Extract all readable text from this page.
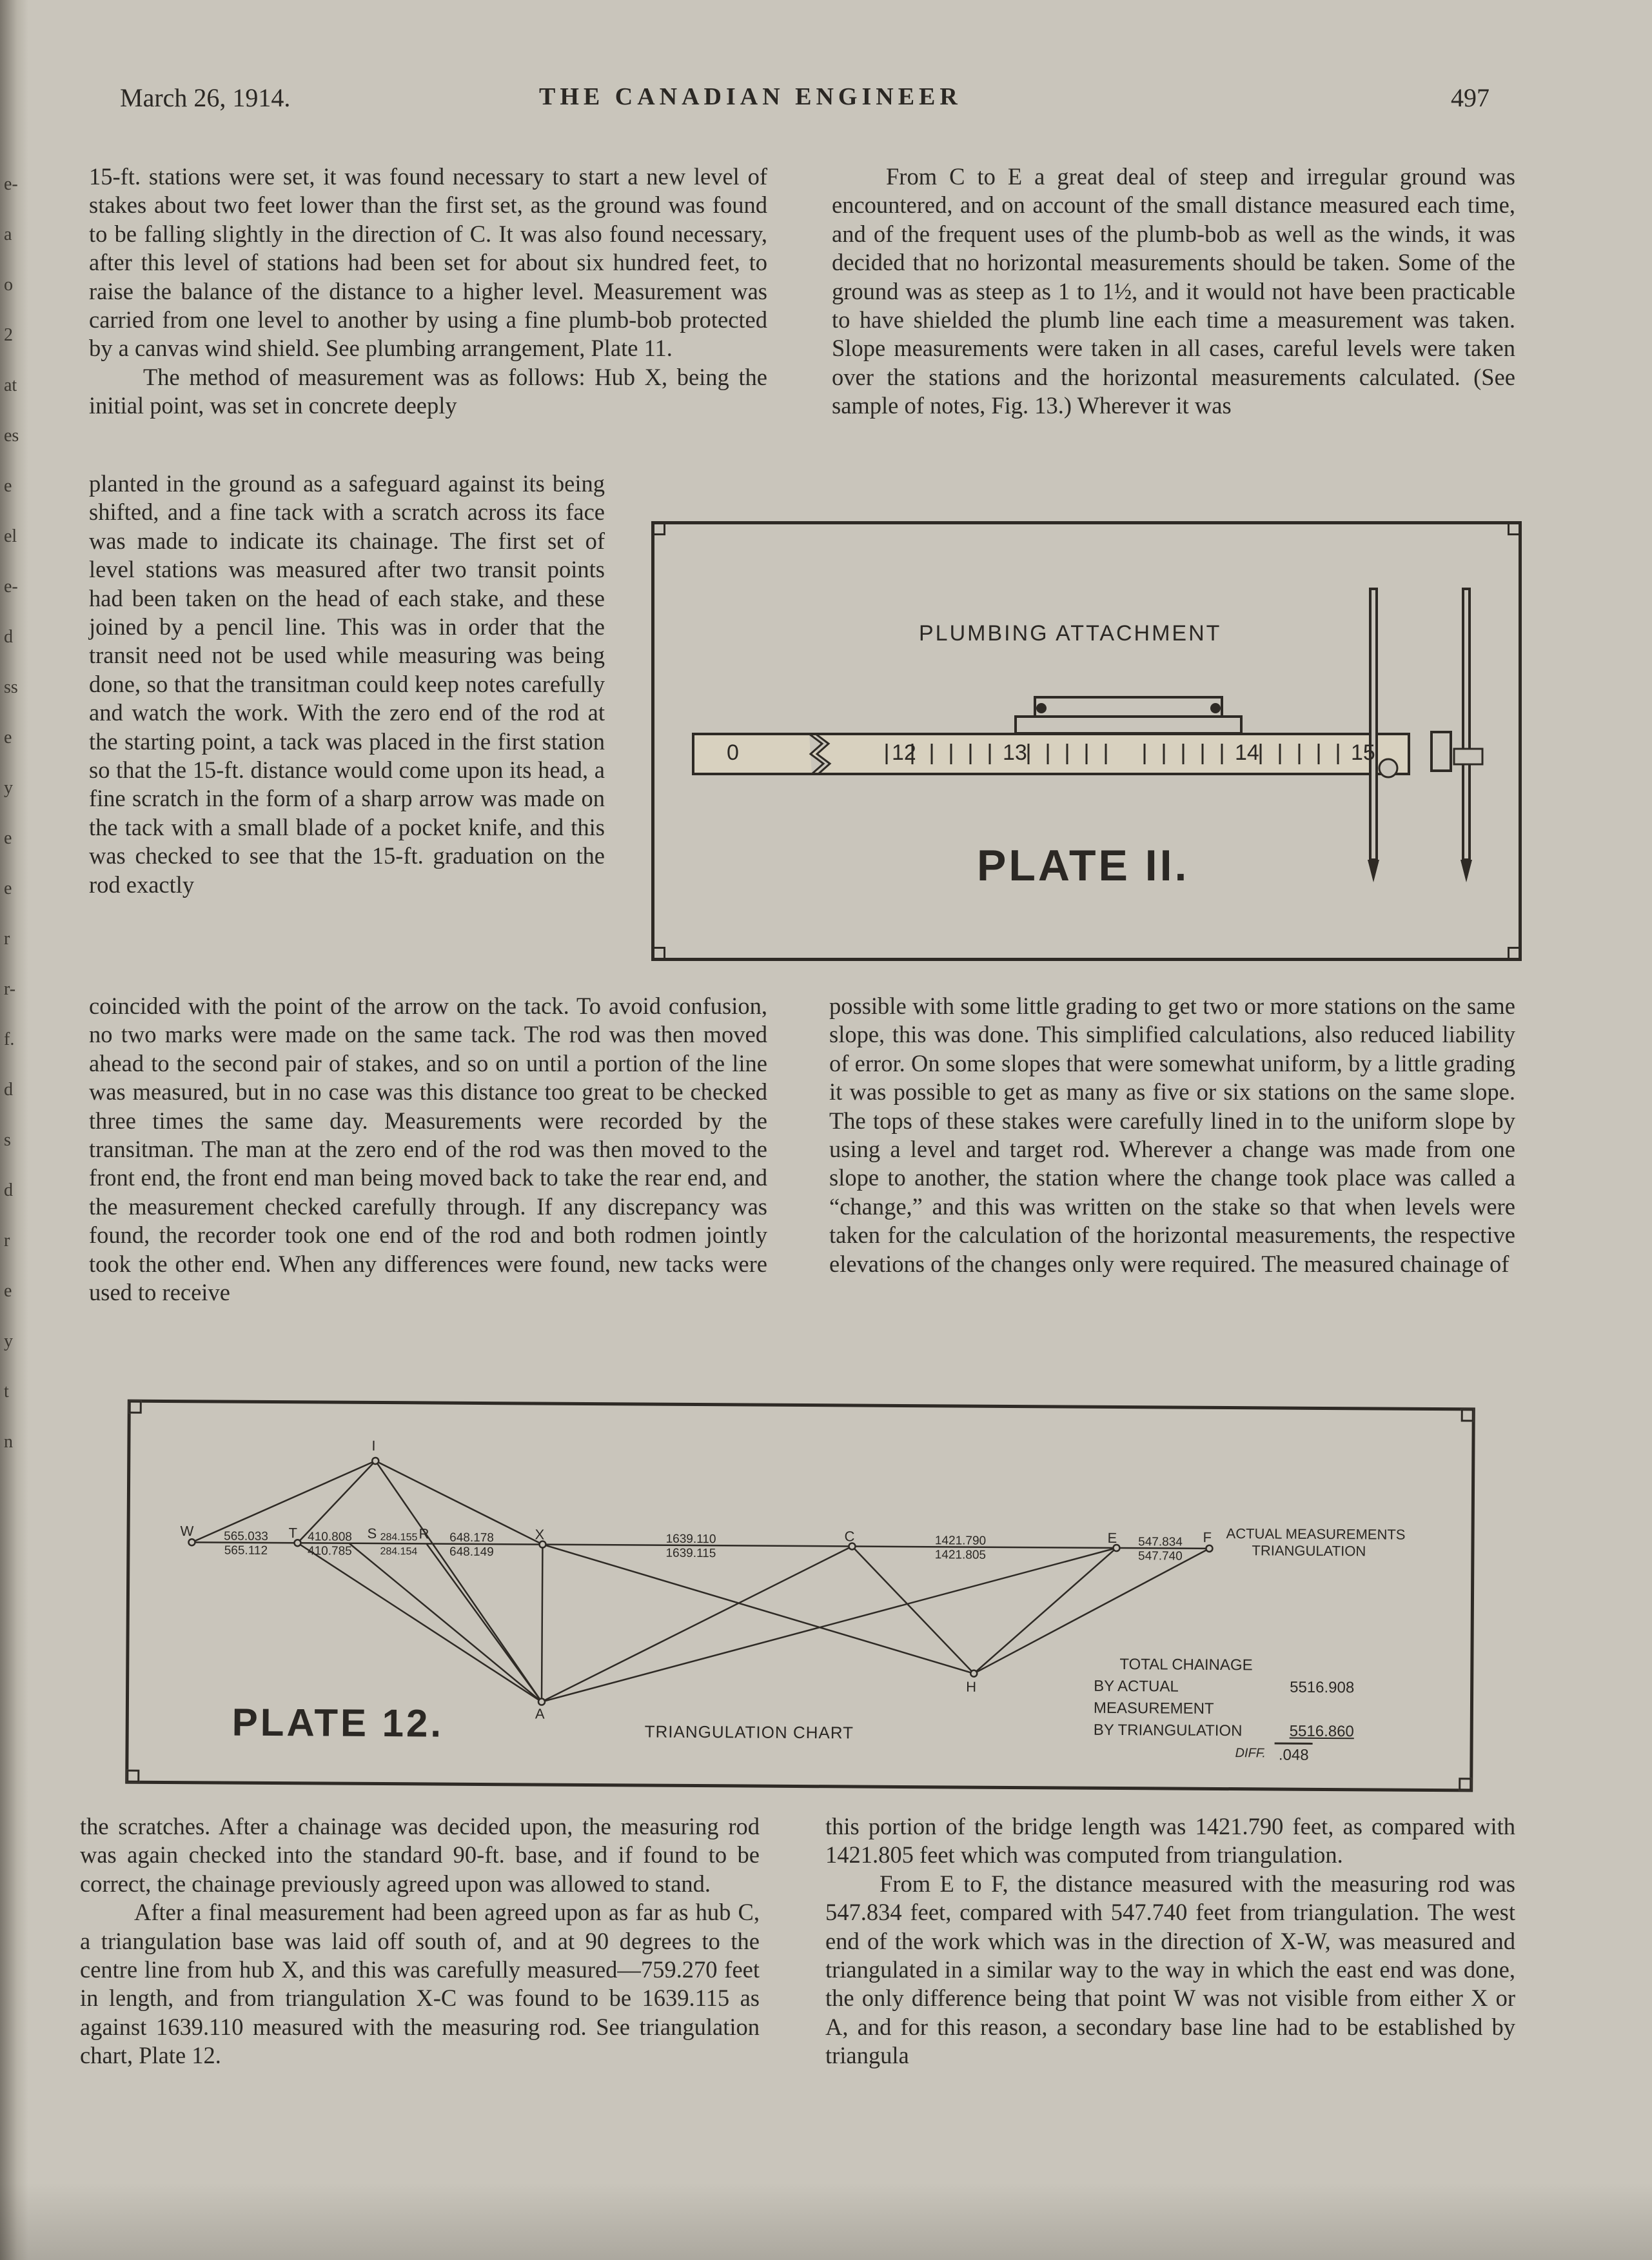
e-
a
o
2
at
es
e
el
e-
d
ss
e
y
e
e
r
r-
f.
d
s
d
r
e
y
t
n
March 26, 1914.	THE CANADIAN ENGINEER	497

15-ft. stations were set, it was found necessary to start a new level of stakes about two feet lower than the first set, as the ground was found to be falling slightly in the direction of C. It was also found necessary, after this level of stations had been set for about six hundred feet, to raise the balance of the distance to a higher level. Measurement was carried from one level to another by using a fine plumb-bob protected by a canvas wind shield. See plumbing arrangement, Plate 11.

The method of measurement was as follows: Hub X, being the initial point, was set in concrete deeply

planted in the ground as a safeguard against its being shifted, and a fine tack with a scratch across its face was made to indicate its chainage. The first set of level stations was measured after two transit points had been taken on the head of each stake, and these joined by a pencil line. This was in order that the transit need not be used while measuring was being done, so that the transitman could keep notes carefully and watch the work. With the zero end of the rod at the starting point, a tack was placed in the first station so that the 15-ft. distance would come upon its head, a fine scratch in the form of a sharp arrow was made on the tack with a small blade of a pocket knife, and this was checked to see that the 15-ft. graduation on the rod exactly

coincided with the point of the arrow on the tack. To avoid confusion, no two marks were made on the same tack. The rod was then moved ahead to the second pair of stakes, and so on until a portion of the line was measured, but in no case was this distance too great to be checked three times the same day. Measurements were recorded by the transitman. The man at the zero end of the rod was then moved to the front end, the front end man being moved back to take the rear end, and the measurement checked carefully through. If any discrepancy was found, the recorder took one end of the rod and both rodmen jointly took the other end. When any differences were found, new tacks were used to receive

From C to E a great deal of steep and irregular ground was encountered, and on account of the small distance measured each time, and of the frequent uses of the plumb-bob as well as the winds, it was decided that no horizontal measurements should be taken. Some of the ground was as steep as 1 to 1½, and it would not have been practicable to have shielded the plumb line each time a measurement was taken. Slope measurements were taken in all cases, careful levels were taken over the stations and the horizontal measurements calculated. (See sample of notes, Fig. 13.) Wherever it was

PLUMBING ATTACHMENT
0	12	13	14	15
PLATE II.

possible with some little grading to get two or more stations on the same slope, this was done. This simplified calculations, also reduced liability of error. On some slopes that were somewhat uniform, by a little grading it was possible to get as many as five or six stations on the same slope. The tops of these stakes were carefully lined in to the uniform slope by using a level and target rod. Wherever a change was made from one slope to another, the station where the change took place was called a “change,” and this was written on the stake so that when levels were taken for the calculation of the horizontal measurements, the respective elevations of the changes only were required. The measured chainage of

W	T	S	R	X	C	E	F
I
A
H
565.033
565.112
410.808
410.785
284.155
284.154
648.178
648.149
1639.110
1639.115
1421.790
1421.805
547.834
547.740
ACTUAL MEASUREMENTS
TRIANGULATION
TOTAL CHAINAGE
BY ACTUAL MEASUREMENT
5516.908
BY TRIANGULATION	5516.860
DIFF. .048
TRIANGULATION CHART
PLATE 12.

the scratches. After a chainage was decided upon, the measuring rod was again checked into the standard 90-ft. base, and if found to be correct, the chainage previously agreed upon was allowed to stand.

After a final measurement had been agreed upon as far as hub C, a triangulation base was laid off south of, and at 90 degrees to the centre line from hub X, and this was carefully measured—759.270 feet in length, and from triangulation X-C was found to be 1639.115 as against 1639.110 measured with the measuring rod. See triangulation chart, Plate 12.

this portion of the bridge length was 1421.790 feet, as compared with 1421.805 feet which was computed from triangulation.

From E to F, the distance measured with the measuring rod was 547.834 feet, compared with 547.740 feet from triangulation. The west end of the work which was in the direction of X-W, was measured and triangulated in a similar way to the way in which the east end was done, the only difference being that point W was not visible from either X or A, and for this reason, a secondary base line had to be established by triangula
